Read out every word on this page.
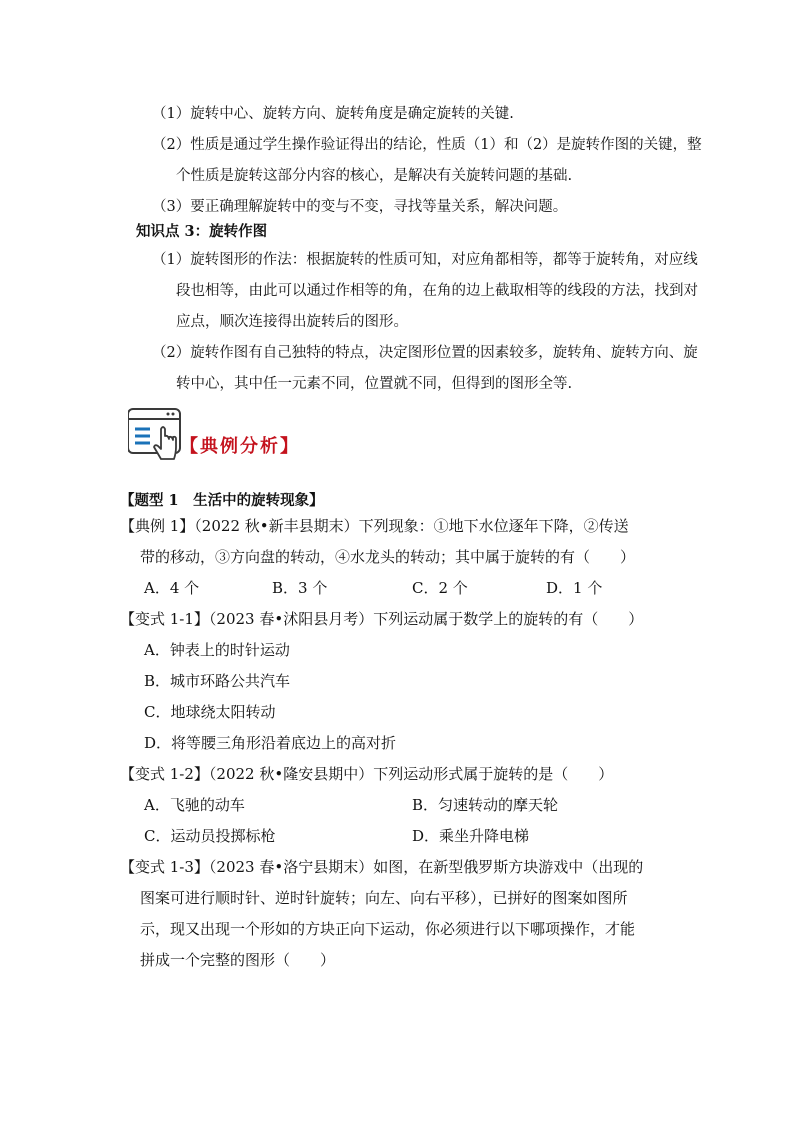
（1）旋转中心、旋转方向、旋转角度是确定旋转的关键.
（2）性质是通过学生操作验证得出的结论，性质（1）和（2）是旋转作图的关键，整
个性质是旋转这部分内容的核心，是解决有关旋转问题的基础.
（3）要正确理解旋转中的变与不变，寻找等量关系，解决问题。
知识点 3：旋转作图
（1）旋转图形的作法：根据旋转的性质可知，对应角都相等，都等于旋转角，对应线
段也相等，由此可以通过作相等的角，在角的边上截取相等的线段的方法，找到对
应点，顺次连接得出旋转后的图形。
（2）旋转作图有自己独特的特点，决定图形位置的因素较多，旋转角、旋转方向、旋
转中心，其中任一元素不同，位置就不同，但得到的图形全等.
【典例分析】
【题型 1　生活中的旋转现象】
【典例 1】（2022 秋•新丰县期末）下列现象：①地下水位逐年下降，②传送
带的移动，③方向盘的转动，④水龙头的转动；其中属于旋转的有（　　）
A．4 个	B．3 个	C．2 个	D．1 个
【变式 1-1】（2023 春•沭阳县月考）下列运动属于数学上的旋转的有（　　）
A．钟表上的时针运动
B．城市环路公共汽车
C．地球绕太阳转动
D．将等腰三角形沿着底边上的高对折
【变式 1-2】（2022 秋•隆安县期中）下列运动形式属于旋转的是（　　）
A．飞驰的动车	B．匀速转动的摩天轮
C．运动员投掷标枪	D．乘坐升降电梯
【变式 1-3】（2023 春•洛宁县期末）如图，在新型俄罗斯方块游戏中（出现的
图案可进行顺时针、逆时针旋转；向左、向右平移），已拼好的图案如图所
示，现又出现一个形如的方块正向下运动，你必须进行以下哪项操作，才能
拼成一个完整的图形（　　）
